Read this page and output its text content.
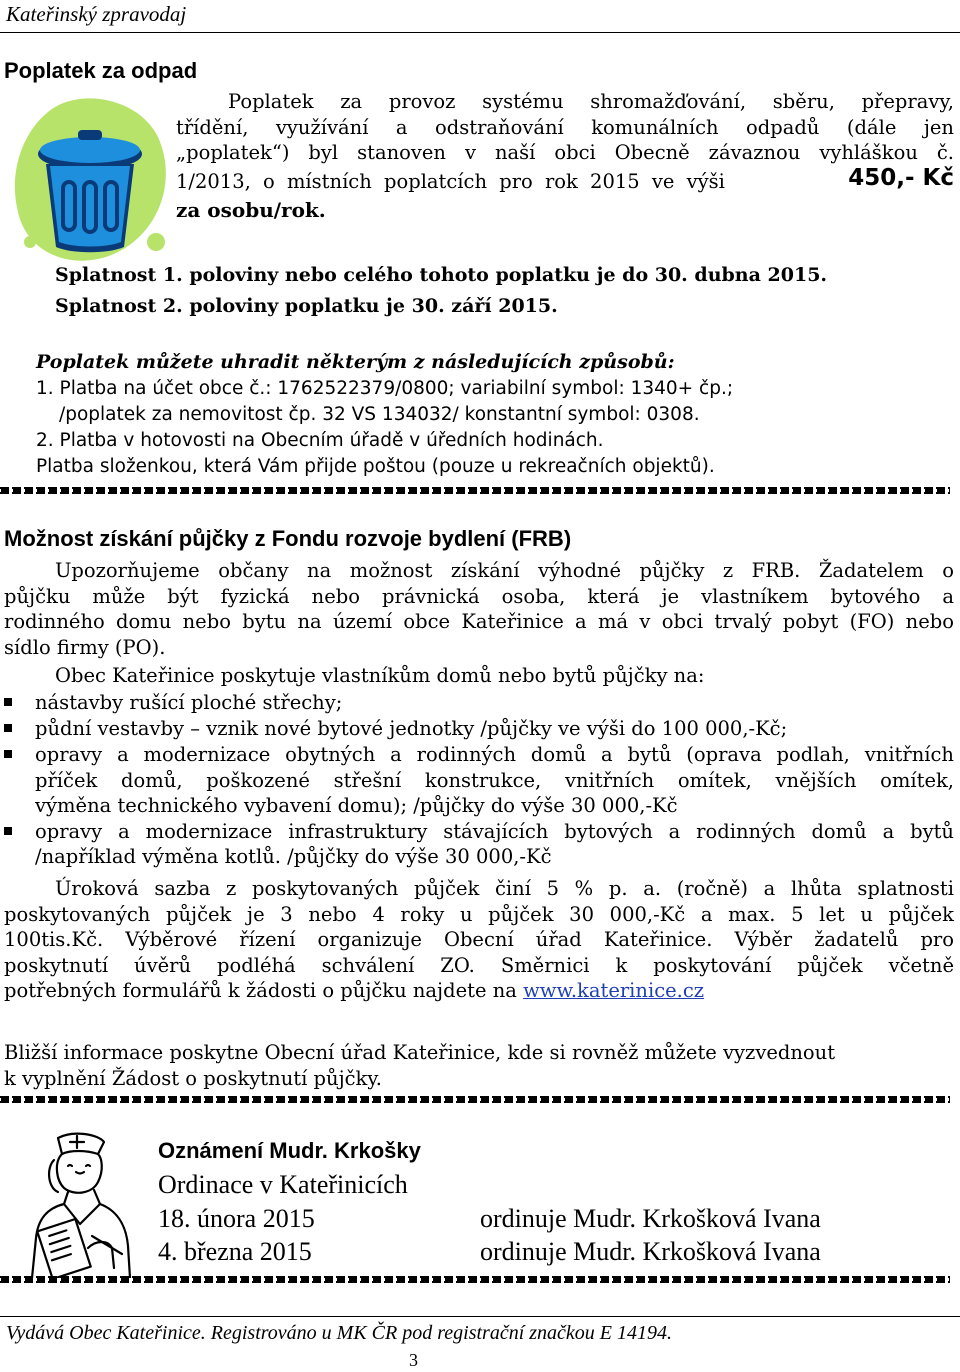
Kateřinský zpravodaj
Poplatek za odpad
Poplatek za provoz systému shromažďování, sběru, přepravy,
třídění, využívání a odstraňování komunálních odpadů (dále jen
„poplatek“) byl stanoven v naší obci Obecně závaznou vyhláškou č.
1/2013, o místních poplatcích pro rok 2015 ve výši	450,- Kč
za osobu/rok.
Splatnost 1. poloviny nebo celého tohoto poplatku je do 30. dubna 2015.
Splatnost 2. poloviny poplatku je 30. září 2015.
Poplatek můžete uhradit některým z následujících způsobů:
1. Platba na účet obce č.: 1762522379/0800; variabilní symbol: 1340+ čp.;
/poplatek za nemovitost čp. 32 VS 134032/ konstantní symbol: 0308.
2. Platba v hotovosti na Obecním úřadě v úředních hodinách.
Platba složenkou, která Vám přijde poštou (pouze u rekreačních objektů).
Možnost získání půjčky z Fondu rozvoje bydlení (FRB)
Upozorňujeme občany na možnost získání výhodné půjčky z FRB. Žadatelem o
půjčku může být fyzická nebo právnická osoba, která je vlastníkem bytového a
rodinného domu nebo bytu na území obce Kateřinice a má v obci trvalý pobyt (FO) nebo
sídlo firmy (PO).
Obec Kateřinice poskytuje vlastníkům domů nebo bytů půjčky na:
nástavby rušící ploché střechy;
půdní vestavby – vznik nové bytové jednotky /půjčky ve výši do 100 000,-Kč;
opravy a modernizace obytných a rodinných domů a bytů (oprava podlah, vnitřních
příček domů, poškozené střešní konstrukce, vnitřních omítek, vnějších omítek,
výměna technického vybavení domu); /půjčky do výše 30 000,-Kč
opravy a modernizace infrastruktury stávajících bytových a rodinných domů a bytů
/například výměna kotlů. /půjčky do výše 30 000,-Kč
Úroková sazba z poskytovaných půjček činí 5 % p. a. (ročně) a lhůta splatnosti
poskytovaných půjček je 3 nebo 4 roky u půjček 30 000,-Kč a max. 5 let u půjček
100tis.Kč. Výběrové řízení organizuje Obecní úřad Kateřinice. Výběr žadatelů pro
poskytnutí úvěrů podléhá schválení ZO. Směrnici k poskytování půjček včetně
potřebných formulářů k žádosti o půjčku najdete na www.katerinice.cz
Bližší informace poskytne Obecní úřad Kateřinice, kde si rovněž můžete vyzvednout
k vyplnění Žádost o poskytnutí půjčky.
Oznámení Mudr. Krkošky
Ordinace v Kateřinicích
18. února 2015	ordinuje Mudr. Krkošková Ivana
4. března 2015	ordinuje Mudr. Krkošková Ivana
Vydává Obec Kateřinice. Registrováno u MK ČR pod registrační značkou E 14194.
3
